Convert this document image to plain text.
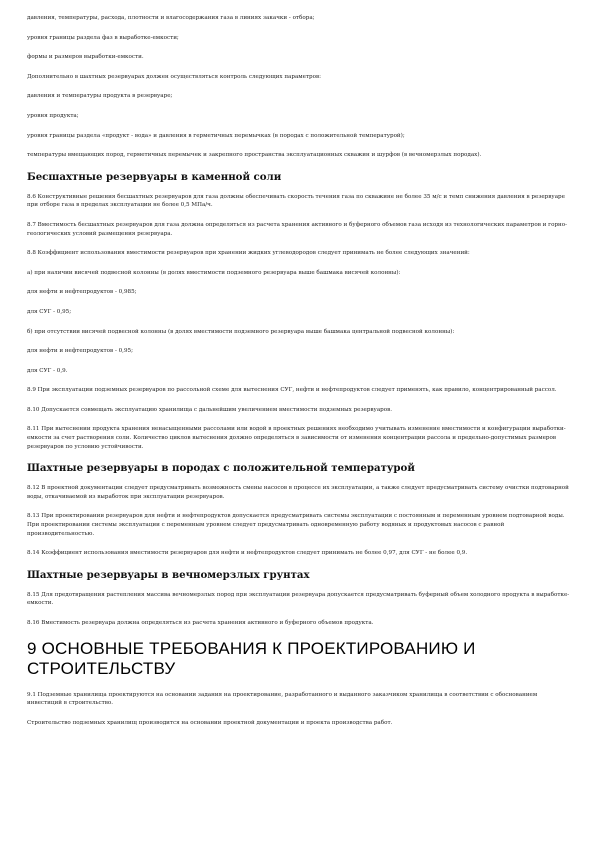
давления, температуры, расхода, плотности и влагосодержания газа в линиях закачки - отбора;

уровня границы раздела фаз в выработке-емкости;

формы и размеров выработки-емкости.

Дополнительно в шахтных резервуарах должен осуществляться контроль следующих параметров:

давления и температуры продукта в резервуаре;

уровня продукта;

уровня границы раздела «продукт - вода» и давления в герметичных перемычках (в породах с положительной температурой);

температуры вмещающих пород, герметичных перемычек и закрепного пространства эксплуатационных скважин и шурфов (в вечномерзлых породах).

Бесшахтные резервуары в каменной соли

8.6 Конструктивные решения бесшахтных резервуаров для газа должны обеспечивать скорость течения газа по скважине не более 35 м/с и темп снижения давления в резервуаре при отборе газа в пределах эксплуатации не более 0,5 МПа/ч.

8.7 Вместимость бесшахтных резервуаров для газа должна определяться из расчета хранения активного и буферного объемов газа исходя из технологических параметров и горно-геологических условий размещения резервуара.

8.8 Коэффициент использования вместимости резервуаров при хранении жидких углеводородов следует принимать не более следующих значений:

а) при наличии висячей подвесной колонны (в долях вместимости подземного резервуара выше башмака висячей колонны):

для нефти и нефтепродуктов - 0,985;

для СУГ - 0,95;

б) при отсутствии висячей подвесной колонны (в долях вместимости подземного резервуара выше башмака центральной подвесной колонны):

для нефти и нефтепродуктов - 0,95;

для СУГ - 0,9.

8.9 При эксплуатации подземных резервуаров по рассольной схеме для вытеснения СУГ, нефти и нефтепродуктов следует применять, как правило, концентрированный рассол.

8.10 Допускается совмещать эксплуатацию хранилища с дальнейшим увеличением вместимости подземных резервуаров.

8.11 При вытеснении продукта хранения ненасыщенными рассолами или водой в проектных решениях необходимо учитывать изменение вместимости и конфигурации выработки-емкости за счет растворения соли. Количество циклов вытеснения должно определяться в зависимости от изменения концентрации рассола и предельно-допустимых размеров резервуаров по условию устойчивости.

Шахтные резервуары в породах с положительной температурой

8.12 В проектной документации следует предусматривать возможность смены насосов в процессе их эксплуатации, а также следует предусматривать систему очистки подтоварной воды, откачиваемой из выработок при эксплуатации резервуаров.

8.13 При проектировании резервуаров для нефти и нефтепродуктов допускается предусматривать системы эксплуатации с постоянным и переменным уровнем подтоварной воды. При проектировании системы эксплуатации с переменным уровнем следует предусматривать одновременную работу водяных и продуктовых насосов с равной производительностью.

8.14 Коэффициент использования вместимости резервуаров для нефти и нефтепродуктов следует принимать не более 0,97, для СУГ - не более 0,9.

Шахтные резервуары в вечномерзлых грунтах

8.15 Для предотвращения растепления массива вечномерзлых пород при эксплуатации резервуара допускается предусматривать буферный объем холодного продукта в выработке-емкости.

8.16 Вместимость резервуара должна определяться из расчета хранения активного и буферного объемов продукта.

9 ОСНОВНЫЕ ТРЕБОВАНИЯ К ПРОЕКТИРОВАНИЮ И СТРОИТЕЛЬСТВУ

9.1 Подземные хранилища проектируются на основании задания на проектирование, разработанного и выданного заказчиком хранилища в соответствии с обоснованием инвестиций в строительство.

Строительство подземных хранилищ производится на основании проектной документации и проекта производства работ.
